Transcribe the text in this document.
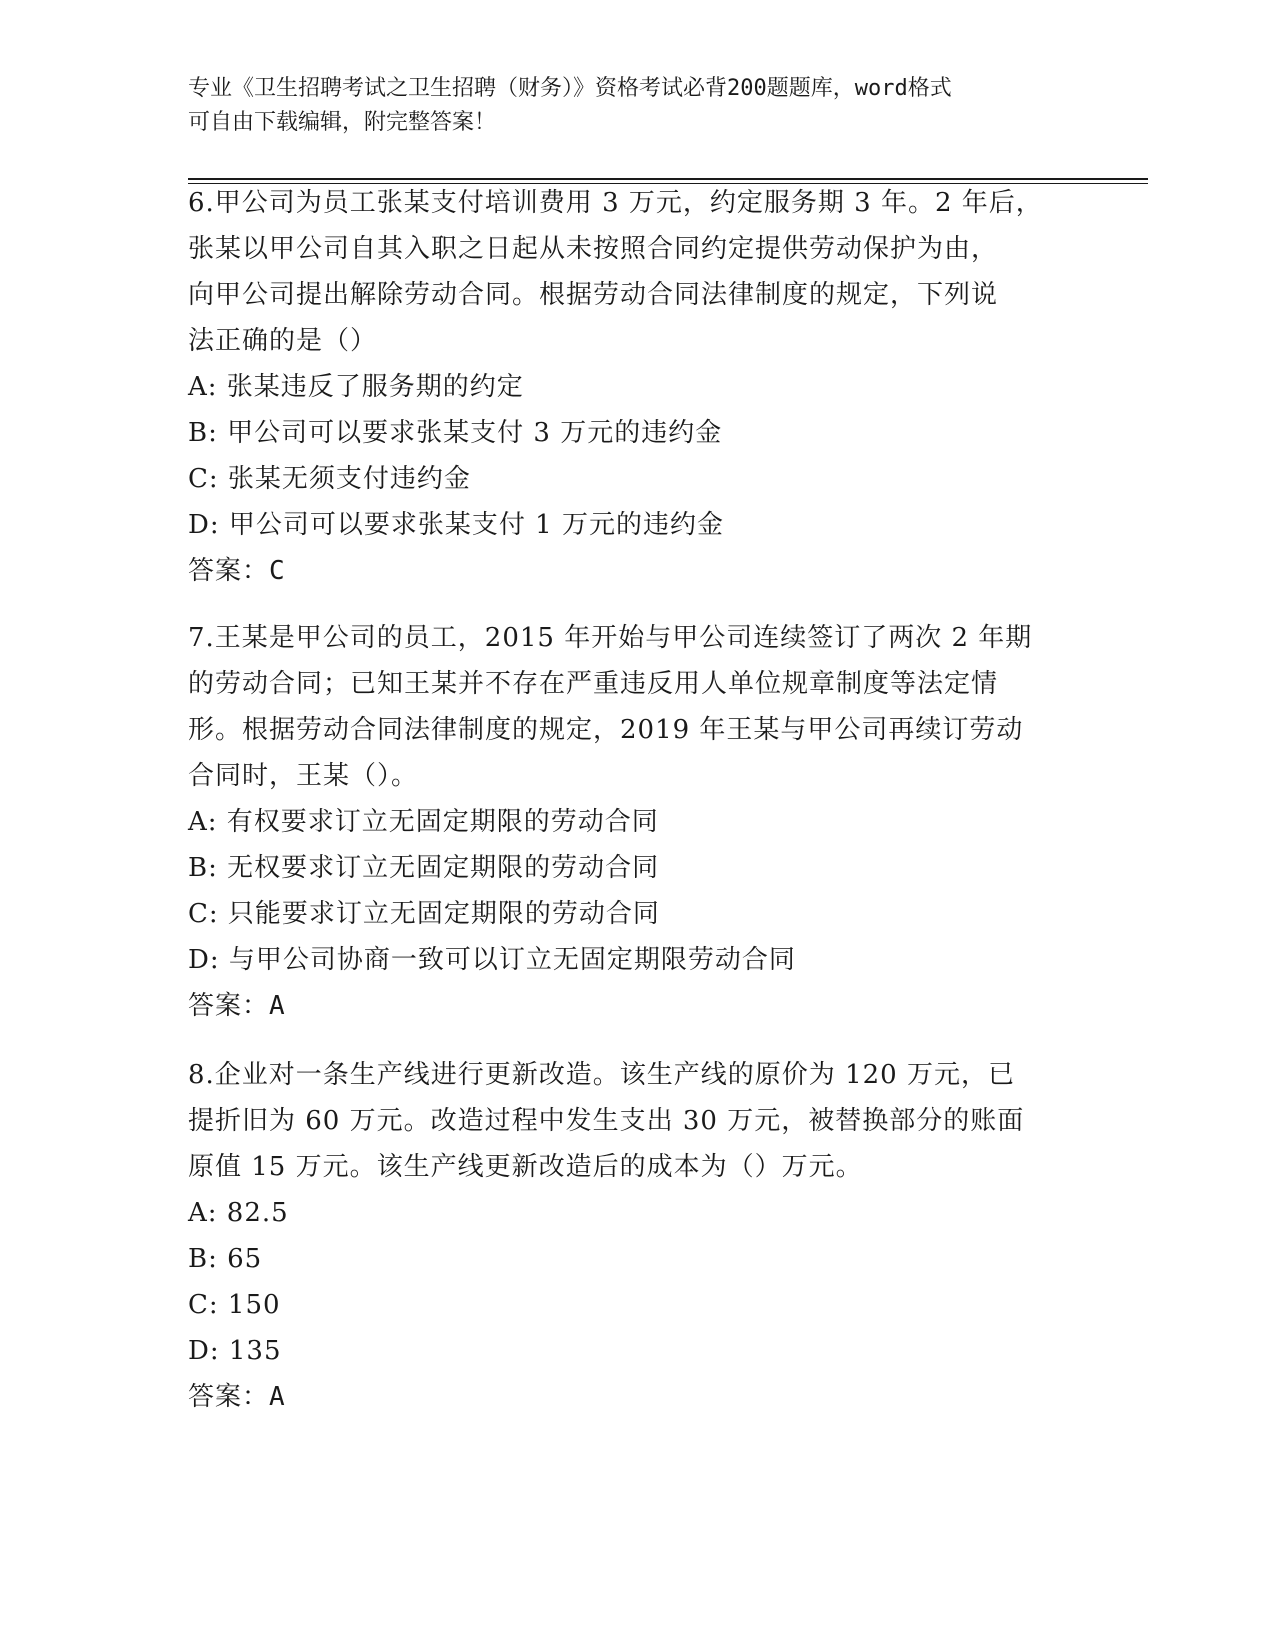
专业《卫生招聘考试之卫生招聘（财务）》资格考试必背200题题库，word格式
可自由下载编辑，附完整答案！
6.甲公司为员工张某支付培训费用 3 万元，约定服务期 3 年。2 年后，
张某以甲公司自其入职之日起从未按照合同约定提供劳动保护为由，
向甲公司提出解除劳动合同。根据劳动合同法律制度的规定，下列说
法正确的是（）
A: 张某违反了服务期的约定
B: 甲公司可以要求张某支付 3 万元的违约金
C: 张某无须支付违约金
D: 甲公司可以要求张某支付 1 万元的违约金
答案：C
7.王某是甲公司的员工，2015 年开始与甲公司连续签订了两次 2 年期
的劳动合同；已知王某并不存在严重违反用人单位规章制度等法定情
形。根据劳动合同法律制度的规定，2019 年王某与甲公司再续订劳动
合同时，王某（）。
A: 有权要求订立无固定期限的劳动合同
B: 无权要求订立无固定期限的劳动合同
C: 只能要求订立无固定期限的劳动合同
D: 与甲公司协商一致可以订立无固定期限劳动合同
答案：A
8.企业对一条生产线进行更新改造。该生产线的原价为 120 万元，已
提折旧为 60 万元。改造过程中发生支出 30 万元，被替换部分的账面
原值 15 万元。该生产线更新改造后的成本为（）万元。
A: 82.5
B: 65
C: 150
D: 135
答案：A
